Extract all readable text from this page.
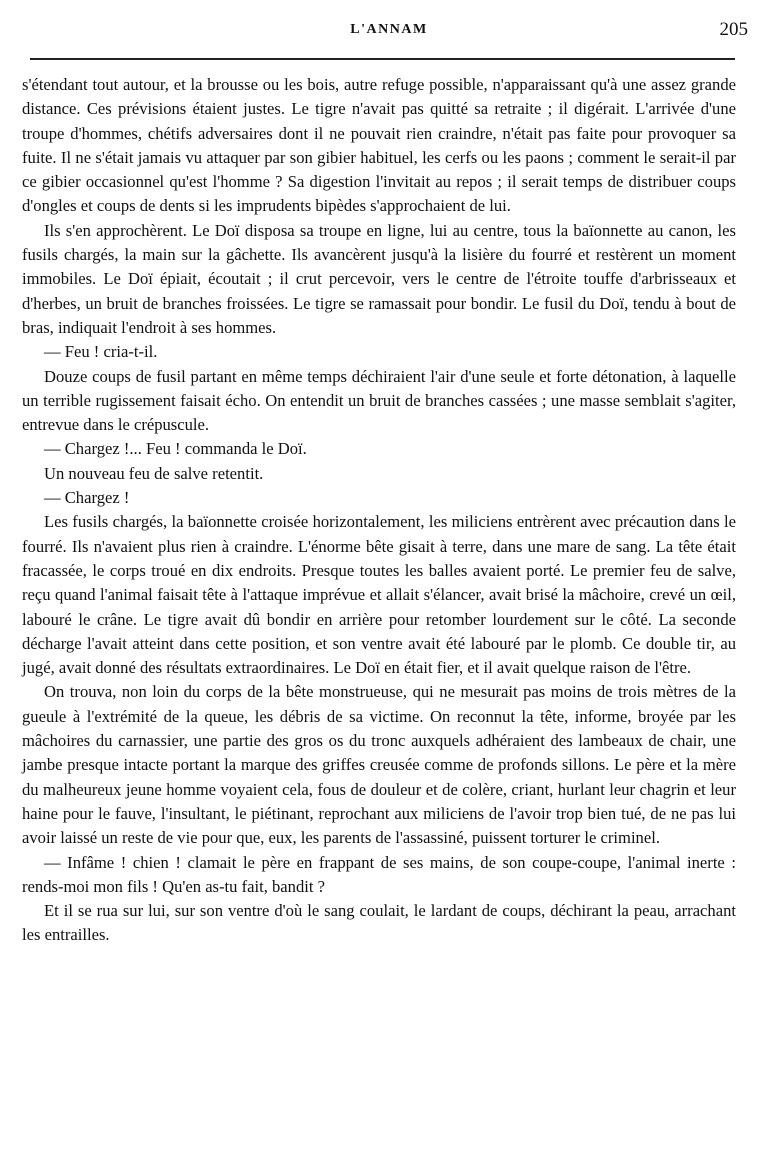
L'ANNAM	205

s'étendant tout autour, et la brousse ou les bois, autre refuge possible, n'apparaissant qu'à une assez grande distance. Ces prévisions étaient justes. Le tigre n'avait pas quitté sa retraite ; il digérait. L'arrivée d'une troupe d'hommes, chétifs adversaires dont il ne pouvait rien craindre, n'était pas faite pour provoquer sa fuite. Il ne s'était jamais vu attaquer par son gibier habituel, les cerfs ou les paons ; comment le serait-il par ce gibier occasionnel qu'est l'homme ? Sa digestion l'invitait au repos ; il serait temps de distribuer coups d'ongles et coups de dents si les imprudents bipèdes s'approchaient de lui.

Ils s'en approchèrent. Le Doï disposa sa troupe en ligne, lui au centre, tous la baïonnette au canon, les fusils chargés, la main sur la gâchette. Ils avancèrent jusqu'à la lisière du fourré et restèrent un moment immobiles. Le Doï épiait, écoutait ; il crut percevoir, vers le centre de l'étroite touffe d'arbrisseaux et d'herbes, un bruit de branches froissées. Le tigre se ramassait pour bondir. Le fusil du Doï, tendu à bout de bras, indiquait l'endroit à ses hommes.

— Feu ! cria-t-il.

Douze coups de fusil partant en même temps déchiraient l'air d'une seule et forte détonation, à laquelle un terrible rugissement faisait écho. On entendit un bruit de branches cassées ; une masse semblait s'agiter, entrevue dans le crépuscule.

— Chargez !... Feu ! commanda le Doï.

Un nouveau feu de salve retentit.

— Chargez !

Les fusils chargés, la baïonnette croisée horizontalement, les miliciens entrèrent avec précaution dans le fourré. Ils n'avaient plus rien à craindre. L'énorme bête gisait à terre, dans une mare de sang. La tête était fracassée, le corps troué en dix endroits. Presque toutes les balles avaient porté. Le premier feu de salve, reçu quand l'animal faisait tête à l'attaque imprévue et allait s'élancer, avait brisé la mâchoire, crevé un œil, labouré le crâne. Le tigre avait dû bondir en arrière pour retomber lourdement sur le côté. La seconde décharge l'avait atteint dans cette position, et son ventre avait été labouré par le plomb. Ce double tir, au jugé, avait donné des résultats extraordinaires. Le Doï en était fier, et il avait quelque raison de l'être.

On trouva, non loin du corps de la bête monstrueuse, qui ne mesurait pas moins de trois mètres de la gueule à l'extrémité de la queue, les débris de sa victime. On reconnut la tête, informe, broyée par les mâchoires du carnassier, une partie des gros os du tronc auxquels adhéraient des lambeaux de chair, une jambe presque intacte portant la marque des griffes creusée comme de profonds sillons. Le père et la mère du malheureux jeune homme voyaient cela, fous de douleur et de colère, criant, hurlant leur chagrin et leur haine pour le fauve, l'insultant, le piétinant, reprochant aux miliciens de l'avoir trop bien tué, de ne pas lui avoir laissé un reste de vie pour que, eux, les parents de l'assassiné, puissent torturer le criminel.

— Infâme ! chien ! clamait le père en frappant de ses mains, de son coupe-coupe, l'animal inerte : rends-moi mon fils ! Qu'en as-tu fait, bandit ?

Et il se rua sur lui, sur son ventre d'où le sang coulait, le lardant de coups, déchirant la peau, arrachant les entrailles.
